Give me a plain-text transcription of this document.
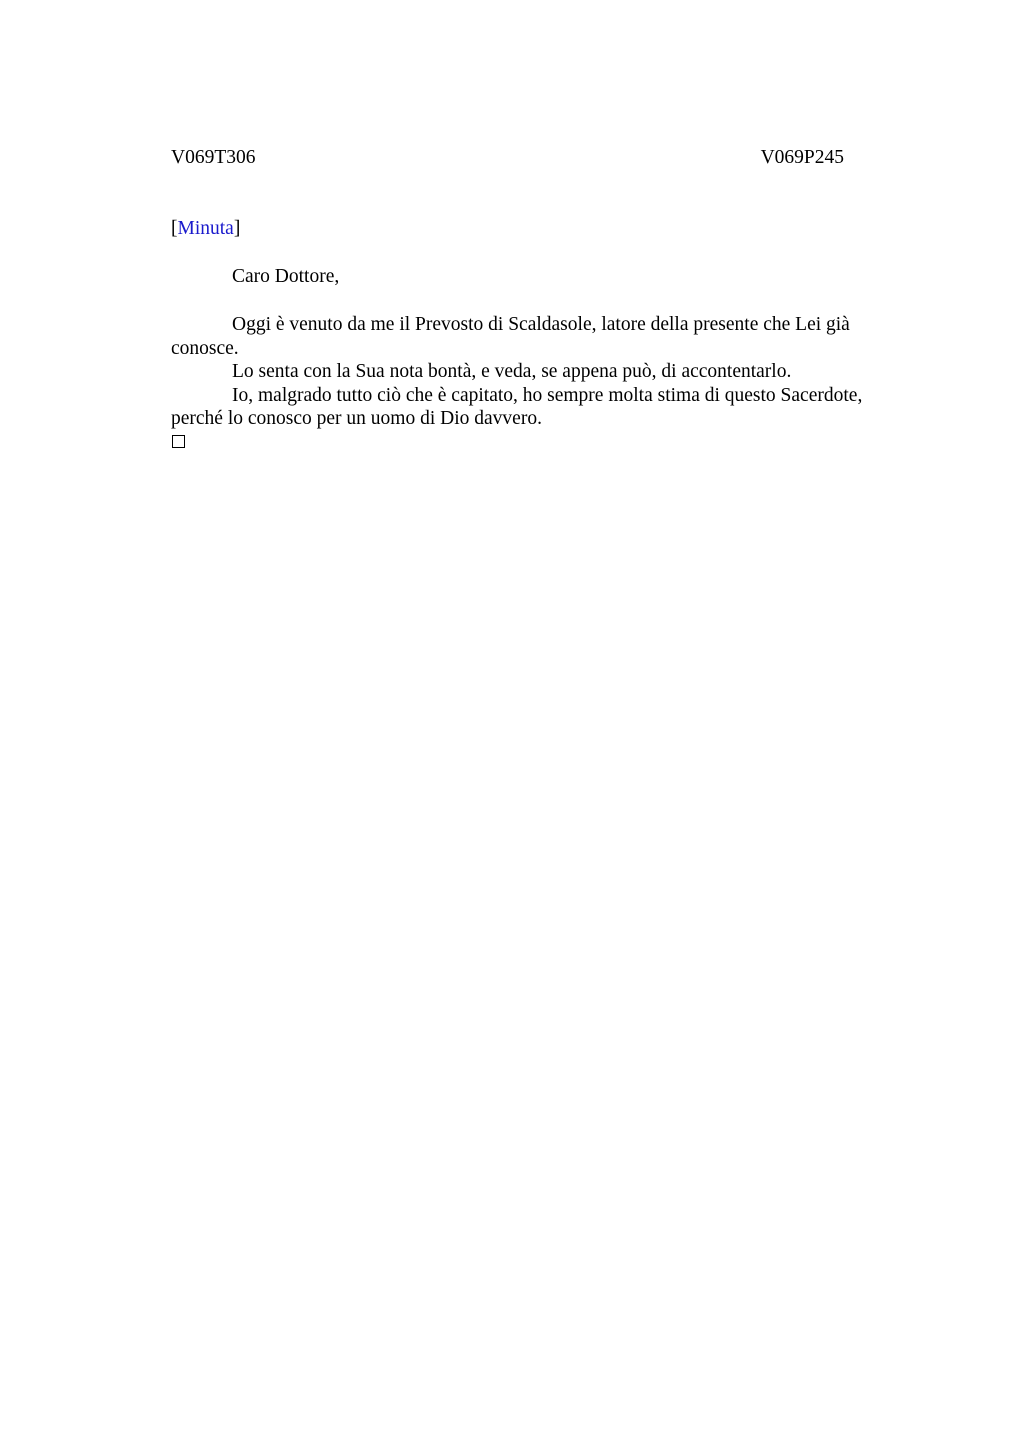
V069T306	V069P245
[Minuta]
Caro Dottore,

Oggi è venuto da me il Prevosto di Scaldasole, latore della presente che Lei già conosce.

Lo senta con la Sua nota bontà, e veda, se appena può, di accontentarlo.

Io, malgrado tutto ciò che è capitato, ho sempre molta stima di questo Sacerdote, perché lo conosco per un uomo di Dio davvero.
